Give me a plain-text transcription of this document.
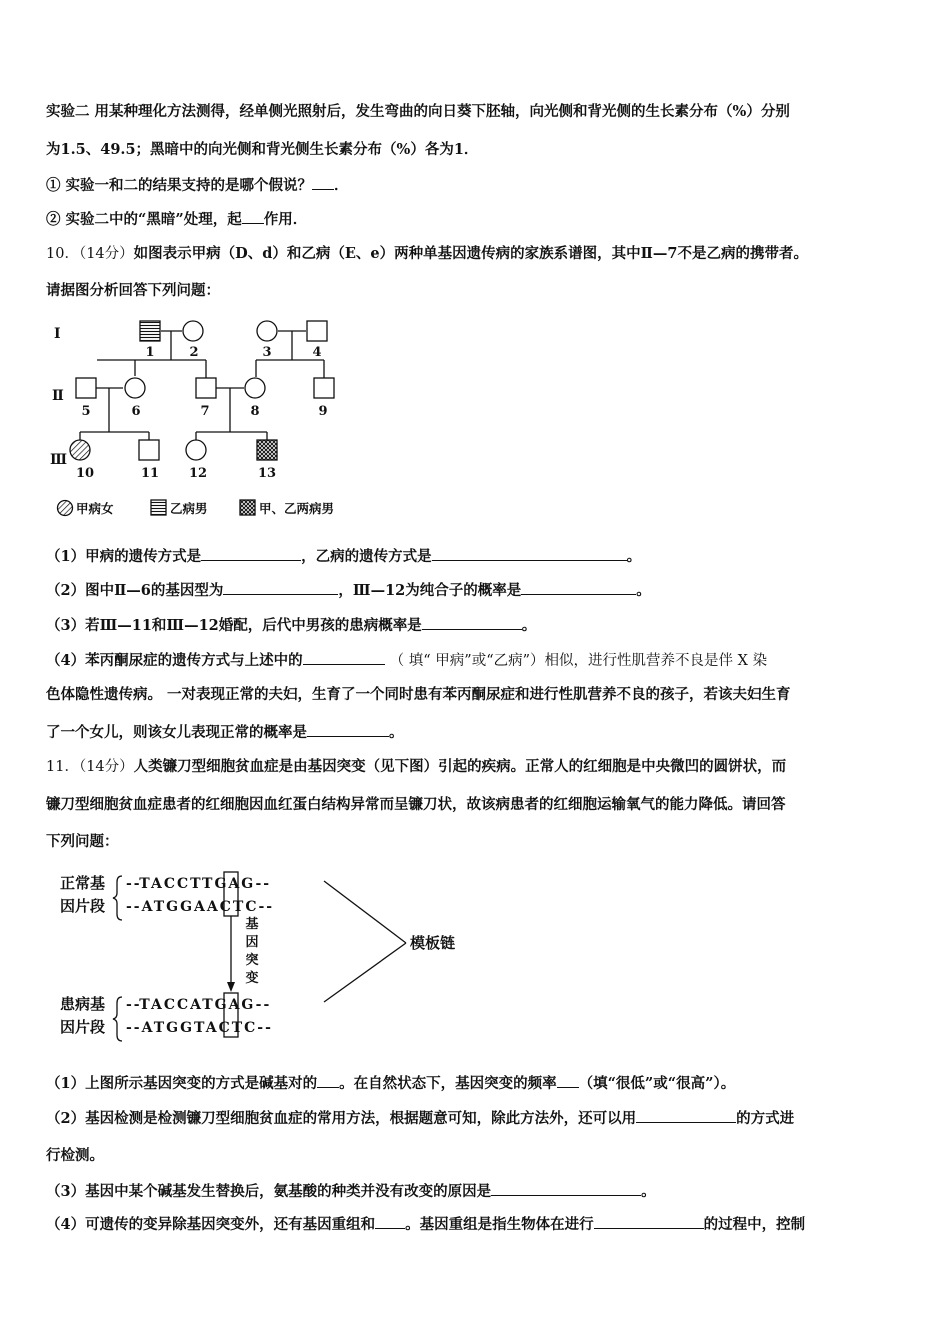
实验二 用某种理化方法测得，经单侧光照射后，发生弯曲的向日葵下胚轴，向光侧和背光侧的生长素分布（%）分别
为1.5、49.5；黑暗中的向光侧和背光侧生长素分布（%）各为1．
① 实验一和二的结果支持的是哪个假说？ ．
② 实验二中的“黑暗”处理，起 作用．
10．（14分）如图表示甲病（D、d）和乙病（E、e）两种单基因遗传病的家族系谱图，其中Ⅱ—7不是乙病的携带者。
请据图分析回答下列问题：
Ⅰ
Ⅱ
Ⅲ
1	2	3	4
5	6	7	8	9
10	11 12	13
甲病女	乙病男	甲、乙两病男
（1）甲病的遗传方式是	，乙病的遗传方式是	。
（2）图中Ⅱ—6的基因型为	，Ⅲ—12为纯合子的概率是	。
（3）若Ⅲ—11和Ⅲ—12婚配，后代中男孩的患病概率是	。
（4）苯丙酮尿症的遗传方式与上述中的	（ 填“ 甲病”或“乙病”）相似，进行性肌营养不良是伴 X 染
色体隐性遗传病。 一对表现正常的夫妇，生育了一个同时患有苯丙酮尿症和进行性肌营养不良的孩子，若该夫妇生育
了一个女儿，则该女儿表现正常的概率是	。
11．（14分）人类镰刀型细胞贫血症是由基因突变（见下图）引起的疾病。正常人的红细胞是中央微凹的圆饼状，而
镰刀型细胞贫血症患者的红细胞因血红蛋白结构异常而呈镰刀状，故该病患者的红细胞运输氧气的能力降低。请回答
下列问题：
正常基
因片段
患病基
因片段
--TACCTTGAG--
--ATGGAACTC--
--TACCATGAG--
--ATGGTACTC--
基
因
突
变
模板链
（1）上图所示基因突变的方式是碱基对的 。在自然状态下，基因突变的频率 （填“很低”或“很高”）。
（2）基因检测是检测镰刀型细胞贫血症的常用方法，根据题意可知，除此方法外，还可以用	的方式进
行检测。
（3）基因中某个碱基发生替换后，氨基酸的种类并没有改变的原因是	。
（4）可遗传的变异除基因突变外，还有基因重组和 。基因重组是指生物体在进行	的过程中，控制
